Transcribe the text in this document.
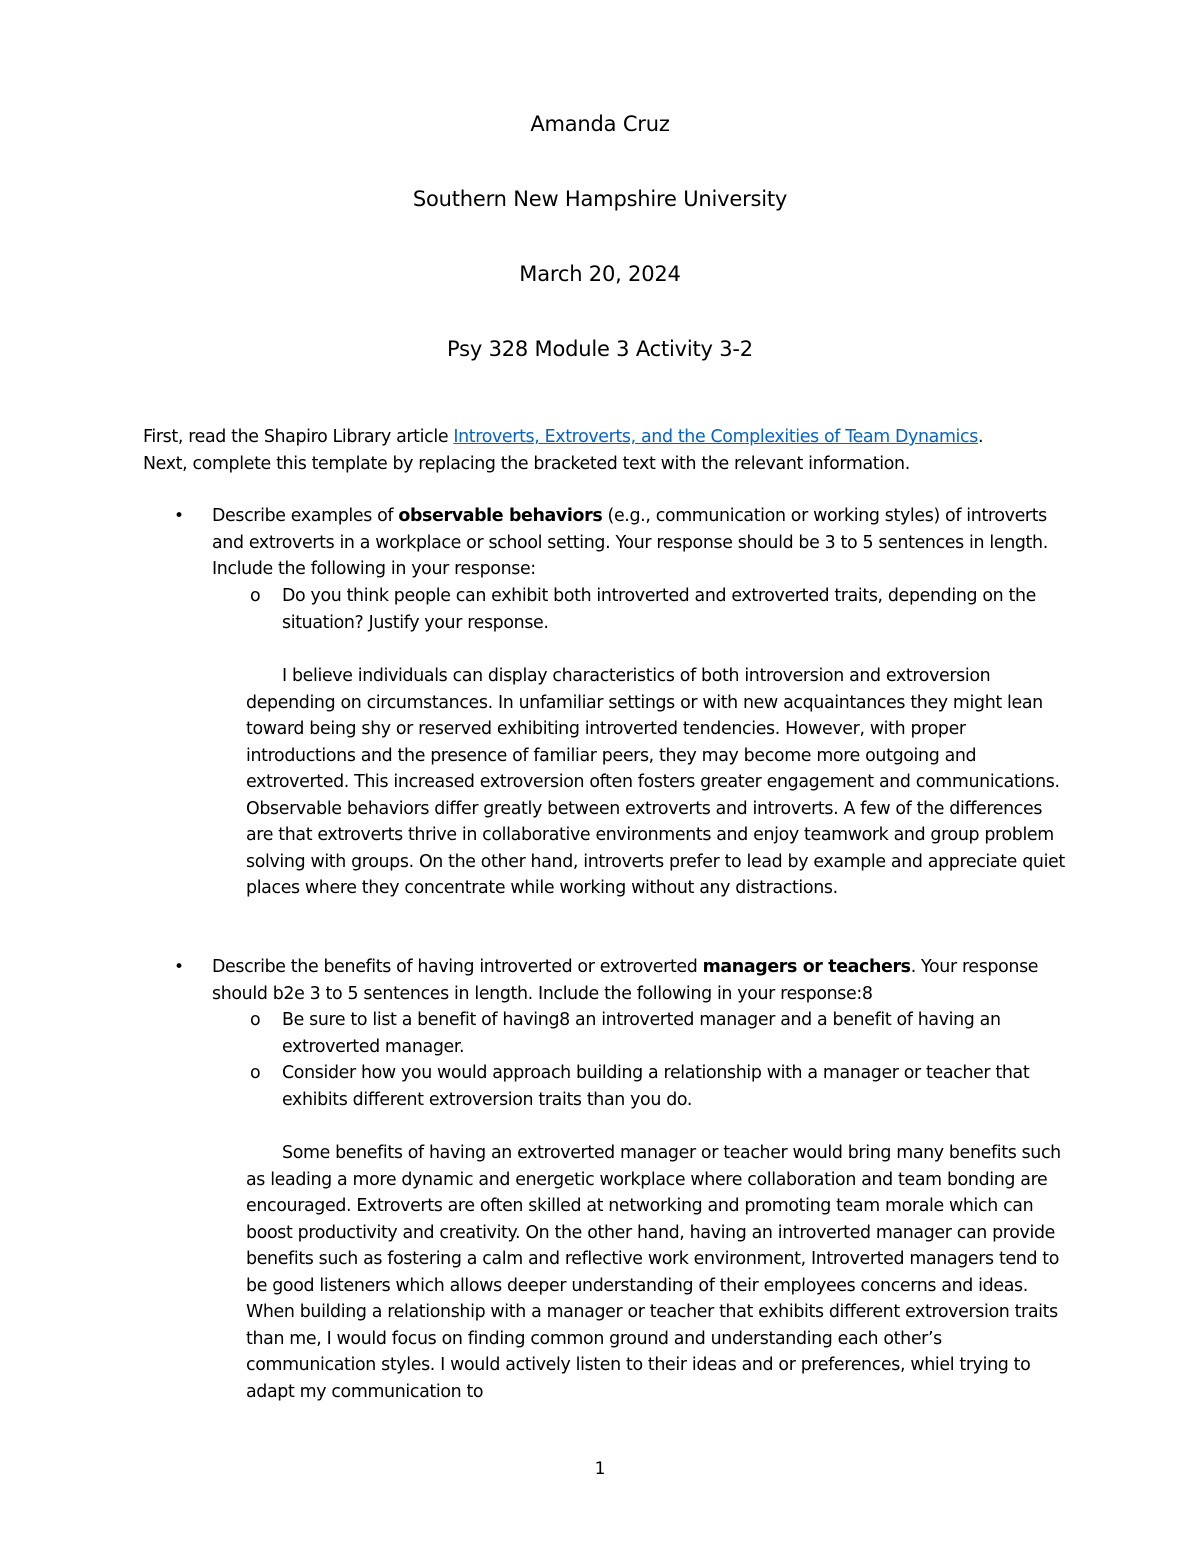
Amanda Cruz
Southern New Hampshire University
March 20, 2024
Psy 328 Module 3 Activity 3-2

First, read the Shapiro Library article Introverts, Extroverts, and the Complexities of Team Dynamics.

Next, complete this template by replacing the bracketed text with the relevant information.

• Describe examples of observable behaviors (e.g., communication or working styles) of introverts and extroverts in a workplace or school setting. Your response should be 3 to 5 sentences in length. Include the following in your response:

o Do you think people can exhibit both introverted and extroverted traits, depending on the situation? Justify your response.

I believe individuals can display characteristics of both introversion and extroversion depending on circumstances. In unfamiliar settings or with new acquaintances they might lean toward being shy or reserved exhibiting introverted tendencies. However, with proper introductions and the presence of familiar peers, they may become more outgoing and extroverted. This increased extroversion often fosters greater engagement and communications. Observable behaviors differ greatly between extroverts and introverts. A few of the differences are that extroverts thrive in collaborative environments and enjoy teamwork and group problem solving with groups. On the other hand, introverts prefer to lead by example and appreciate quiet places where they concentrate while working without any distractions.

• Describe the benefits of having introverted or extroverted managers or teachers. Your response should b2e 3 to 5 sentences in length. Include the following in your response:8

o Be sure to list a benefit of having8 an introverted manager and a benefit of having an extroverted manager.

o Consider how you would approach building a relationship with a manager or teacher that exhibits different extroversion traits than you do.

Some benefits of having an extroverted manager or teacher would bring many benefits such as leading a more dynamic and energetic workplace where collaboration and team bonding are encouraged. Extroverts are often skilled at networking and promoting team morale which can boost productivity and creativity. On the other hand, having an introverted manager can provide benefits such as fostering a calm and reflective work environment, Introverted managers tend to be good listeners which allows deeper understanding of their employees concerns and ideas. When building a relationship with a manager or teacher that exhibits different extroversion traits than me, I would focus on finding common ground and understanding each other’s communication styles. I would actively listen to their ideas and or preferences, whiel trying to adapt my communication to

1
